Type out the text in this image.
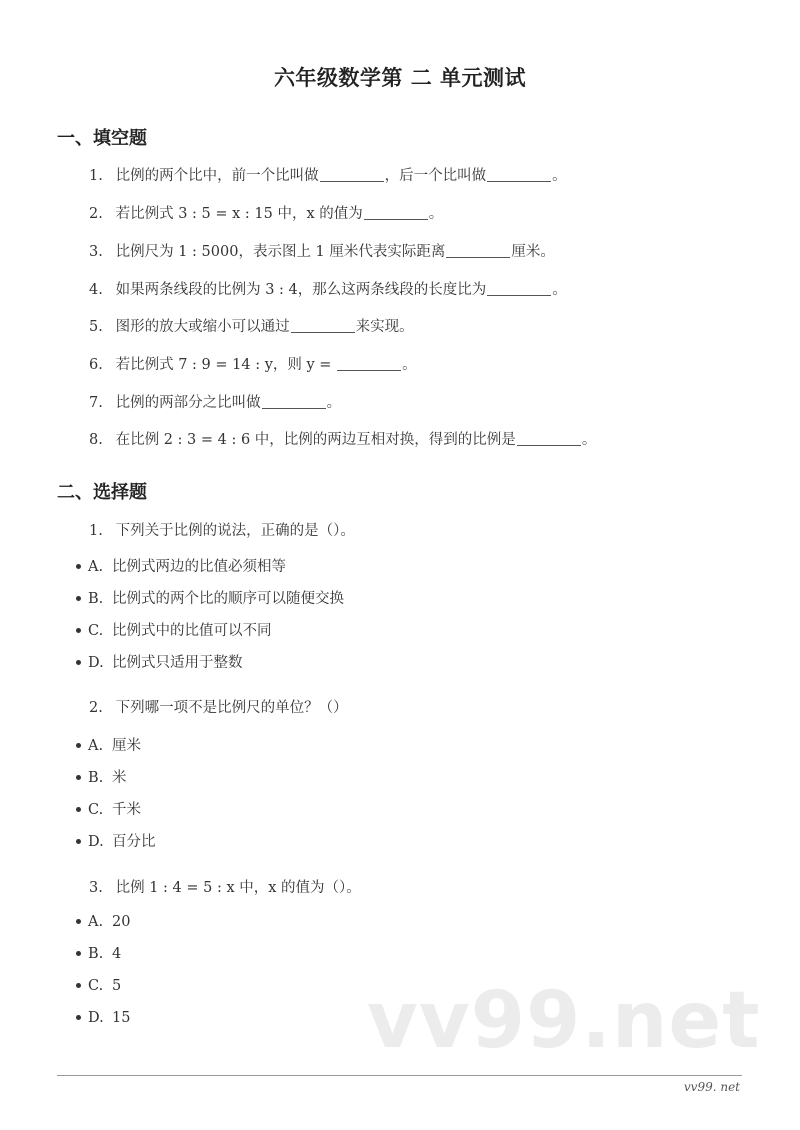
六年级数学第 二 单元测试
一、填空题
1. 比例的两个比中，前一个比叫做	，后一个比叫做	。
2. 若比例式 3 : 5 = x : 15 中，x 的值为	。
3. 比例尺为 1 : 5000，表示图上 1 厘米代表实际距离	厘米。
4. 如果两条线段的比例为 3 : 4，那么这两条线段的长度比为	。
5. 图形的放大或缩小可以通过	来实现。
6. 若比例式 7 : 9 = 14 : y，则 y =	。
7. 比例的两部分之比叫做	。
8. 在比例 2 : 3 = 4 : 6 中，比例的两边互相对换，得到的比例是	。
二、选择题
1. 下列关于比例的说法，正确的是（）。
A. 比例式两边的比值必须相等
B. 比例式的两个比的顺序可以随便交换
C. 比例式中的比值可以不同
D. 比例式只适用于整数
2. 下列哪一项不是比例尺的单位？（）
A. 厘米
B. 米
C. 千米
D. 百分比
3. 比例 1 : 4 = 5 : x 中，x 的值为（）。
A. 20
B. 4
C. 5
D. 15	vv99.net
vv99. net
